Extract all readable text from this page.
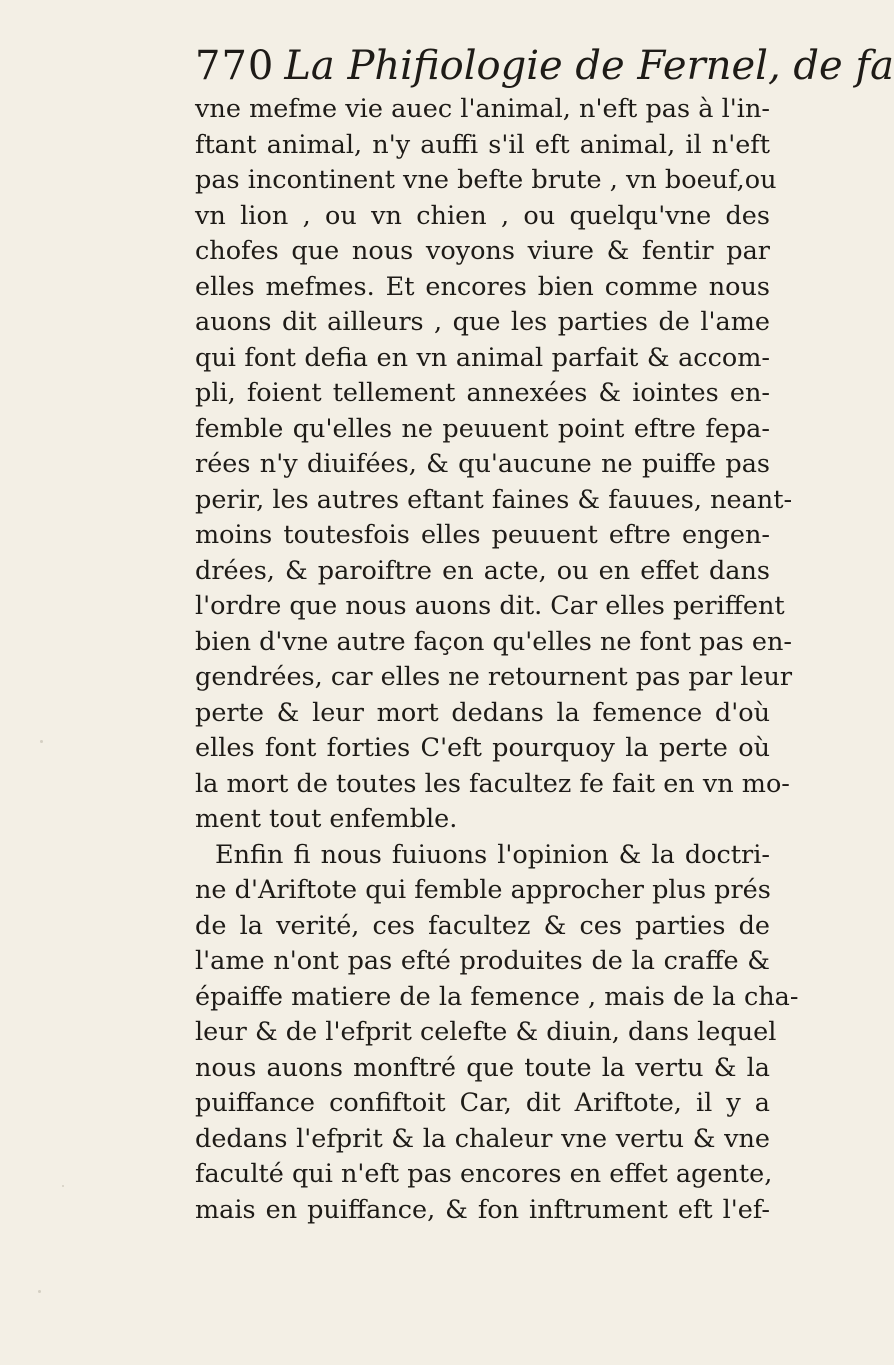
770 La Phifiologie de Fernel, de fa
vne mefme vie auec l'animal, n'eft pas à l'in-
ftant animal, n'y auffi s'il eft animal, il n'eft
pas incontinent vne befte brute , vn boeuf,ou
vn lion , ou vn chien , ou quelqu'vne des
chofes que nous voyons viure & fentir par
elles mefmes. Et encores bien comme nous
auons dit ailleurs , que les parties de l'ame
qui font defia en vn animal parfait & accom-
pli, foient tellement annexées & iointes en-
femble qu'elles ne peuuent point eftre fepa-
rées n'y diuifées, & qu'aucune ne puiffe pas
perir, les autres eftant faines & fauues, neant-
moins toutesfois elles peuuent eftre engen-
drées, & paroiftre en acte, ou en effet dans
l'ordre que nous auons dit. Car elles periffent
bien d'vne autre façon qu'elles ne font pas en-
gendrées, car elles ne retournent pas par leur
perte & leur mort dedans la femence d'où
elles font forties C'eft pourquoy la perte où
la mort de toutes les facultez fe fait en vn mo-
ment tout enfemble.
Enfin fi nous fuiuons l'opinion & la doctri-
ne d'Ariftote qui femble approcher plus prés
de la verité, ces facultez & ces parties de
l'ame n'ont pas efté produites de la craffe &
épaiffe matiere de la femence , mais de la cha-
leur & de l'efprit celefte & diuin, dans lequel
nous auons monftré que toute la vertu & la
puiffance confiftoit Car, dit Ariftote, il y a
dedans l'efprit & la chaleur vne vertu & vne
faculté qui n'eft pas encores en effet agente,
mais en puiffance, & fon inftrument eft l'ef-
